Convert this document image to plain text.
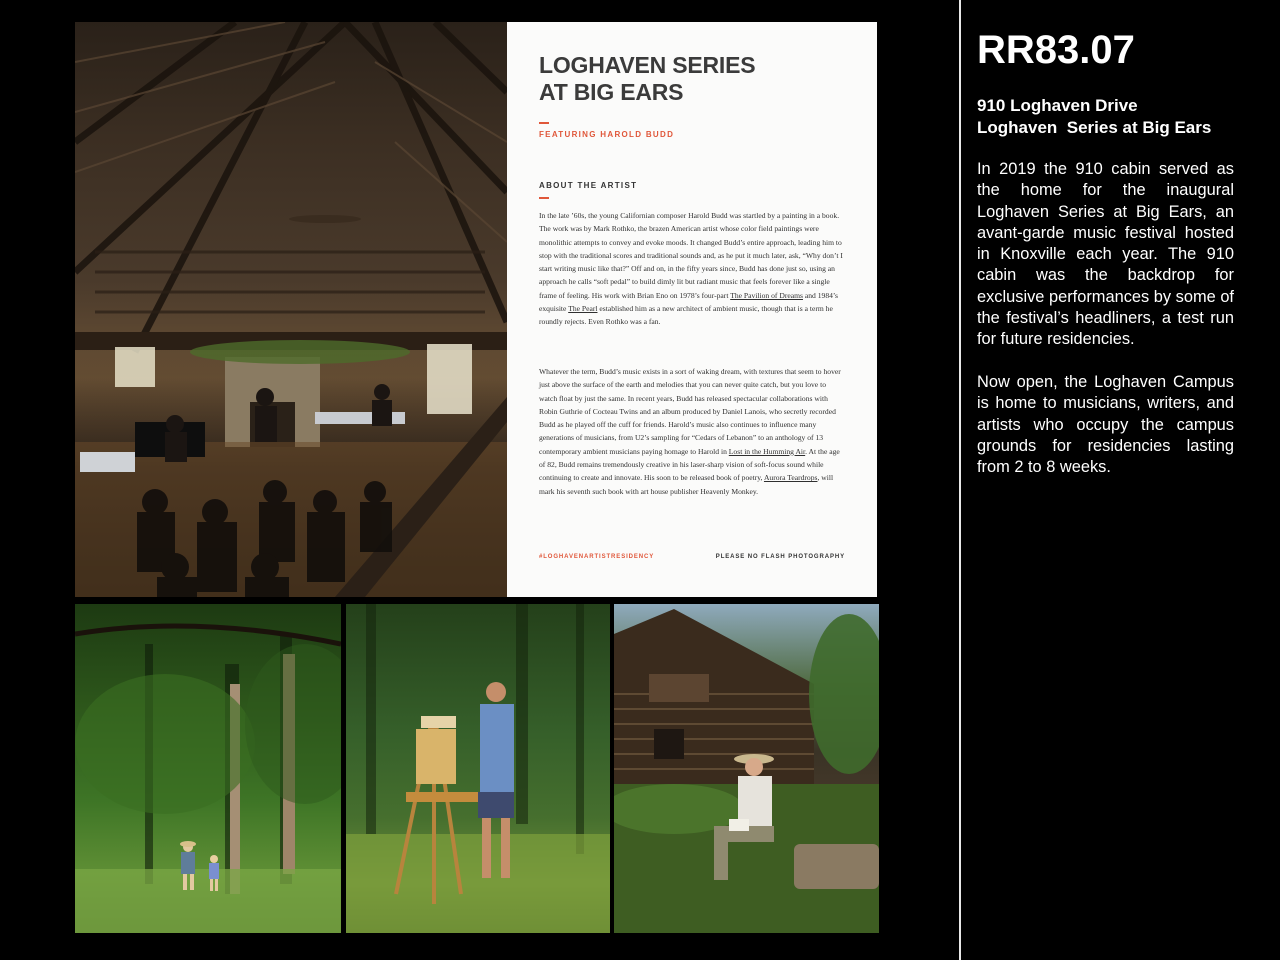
LOGHAVEN SERIES
AT BIG EARS
FEATURING HAROLD BUDD
ABOUT THE ARTIST

In the late ’60s, the young Californian composer Harold Budd was startled by a painting in a book. The work was by Mark Rothko, the brazen American artist whose color field paintings were monolithic attempts to convey and evoke moods. It changed Budd’s entire approach, leading him to stop with the traditional scores and traditional sounds and, as he put it much later, ask, “Why don’t I start writing music like that?” Off and on, in the fifty years since, Budd has done just so, using an approach he calls “soft pedal” to build dimly lit but radiant music that feels forever like a single frame of feeling. His work with Brian Eno on 1978’s four-part The Pavilion of Dreams and 1984’s exquisite The Pearl established him as a new architect of ambient music, though that is a term he roundly rejects. Even Rothko was a fan.

Whatever the term, Budd’s music exists in a sort of waking dream, with textures that seem to hover just above the surface of the earth and melodies that you can never quite catch, but you love to watch float by just the same. In recent years, Budd has released spectacular collaborations with Robin Guthrie of Cocteau Twins and an album produced by Daniel Lanois, who secretly recorded Budd as he played off the cuff for friends. Harold’s music also continues to influence many generations of musicians, from U2’s sampling for “Cedars of Lebanon” to an anthology of 13 contemporary ambient musicians paying homage to Harold in Lost in the Humming Air. At the age of 82, Budd remains tremendously creative in his laser-sharp vision of soft-focus sound while continuing to create and innovate. His soon to be released book of poetry, Aurora Teardrops, will mark his seventh such book with art house publisher Heavenly Monkey.

#LOGHAVENARTISTRESIDENCY	PLEASE NO FLASH PHOTOGRAPHY
RR83.07
910 Loghaven Drive
Loghaven  Series at Big Ears

In 2019 the 910 cabin served as the home for the inaugural Loghaven Series at Big Ears, an avant-garde music festival hosted in Knoxville each year. The 910 cabin was the backdrop for exclusive performances by some of the festival’s headliners, a test run for future residencies.

Now open, the Loghaven Campus is home to musicians, writers, and artists who occupy the campus grounds for residencies lasting from 2 to 8 weeks.
